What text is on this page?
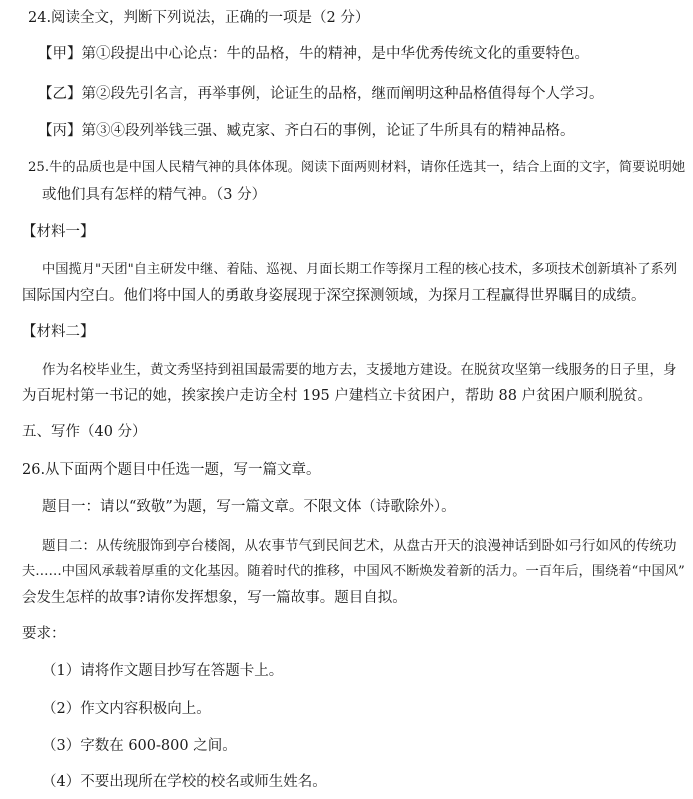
24.阅读全文，判断下列说法，正确的一项是（2 分）
【甲】第①段提出中心论点：牛的品格，牛的精神，是中华优秀传统文化的重要特色。
【乙】第②段先引名言，再举事例，论证生的品格，继而阐明这种品格值得每个人学习。
【丙】第③④段列举钱三强、臧克家、齐白石的事例，论证了牛所具有的精神品格。
25.牛的品质也是中国人民精气神的具体体现。阅读下面两则材料，请你任选其一，结合上面的文字，简要说明她
或他们具有怎样的精气神。（3 分）
【材料一】
中国揽月"天团"自主研发中继、着陆、巡视、月面长期工作等探月工程的核心技术，多项技术创新填补了系列
国际国内空白。他们将中国人的勇敢身姿展现于深空探测领域，为探月工程赢得世界瞩目的成绩。
【材料二】
作为名校毕业生，黄文秀坚持到祖国最需要的地方去，支援地方建设。在脱贫攻坚第一线服务的日子里，身
为百坭村第一书记的她，挨家挨户走访全村 195 户建档立卡贫困户，帮助 88 户贫困户顺利脱贫。
五、写作（40 分）
26.从下面两个题目中任选一题，写一篇文章。
题目一：请以“致敬”为题，写一篇文章。不限文体（诗歌除外）。
题目二：从传统服饰到亭台楼阁，从农事节气到民间艺术，从盘古开天的浪漫神话到卧如弓行如风的传统功
夫……中国风承载着厚重的文化基因。随着时代的推移，中国风不断焕发着新的活力。一百年后，围绕着“中国风”
会发生怎样的故事?请你发挥想象，写一篇故事。题目自拟。
要求：
（1）请将作文题目抄写在答题卡上。
（2）作文内容积极向上。
（3）字数在 600-800 之间。
（4）不要出现所在学校的校名或师生姓名。
